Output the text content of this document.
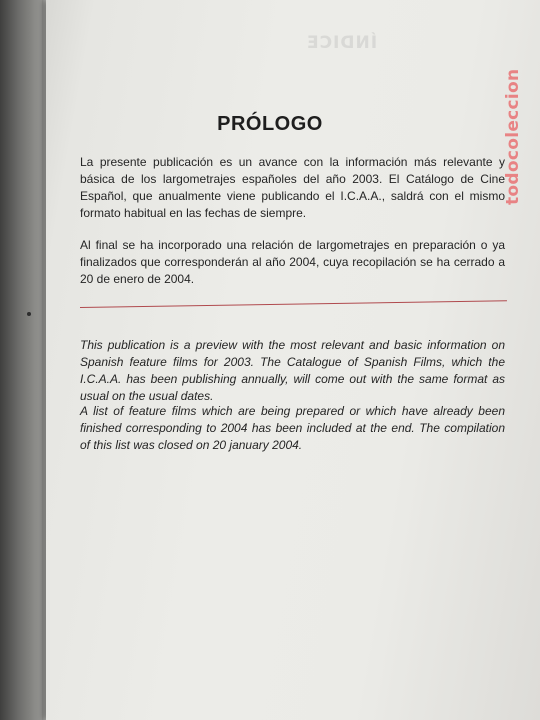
ÍNDICE
PRÓLOGO

La presente publicación es un avance con la información más relevante y básica de los largometrajes españoles del año 2003. El Catálogo de Cine Español, que anualmente viene publicando el I.C.A.A., saldrá con el mismo formato habitual en las fechas de siempre.

Al final se ha incorporado una relación de largometrajes en preparación o ya finalizados que corresponderán al año 2004, cuya recopilación se ha cerrado a 20 de enero de 2004.

This publication is a preview with the most relevant and basic information on Spanish feature films for 2003. The Catalogue of Spanish Films, which the I.C.A.A. has been publishing annually, will come out with the same format as usual on the usual dates.

A list of feature films which are being prepared or which have already been finished corresponding to 2004 has been included at the end. The compilation of this list was closed on 20 january 2004.

todocoleccion
